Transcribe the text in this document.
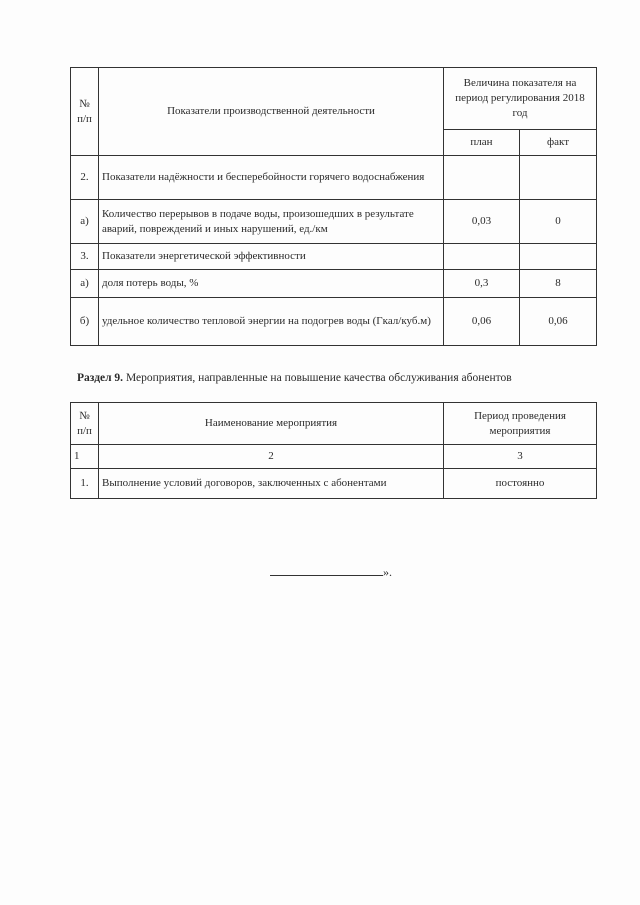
№
п/п	Показатели производственной деятельности	Величина показателя на период регулирования 2018 год	
		план	факт
2.	Показатели надёжности и бесперебойности горячего водоснабжения		
а)	Количество перерывов в подаче воды, произошедших в результате аварий, повреждений и иных нарушений, ед./км	0,03	0
3.	Показатели энергетической эффективности		
а)	доля потерь воды, %	0,3	8
б)	удельное количество тепловой энергии на подогрев воды (Гкал/куб.м)	0,06	0,06
Раздел 9. Мероприятия, направленные на повышение качества обслуживания абонентов
№
п/п	Наименование мероприятия	Период проведения мероприятия
1	2	3
1.	Выполнение условий договоров, заключенных с абонентами	постоянно
».
